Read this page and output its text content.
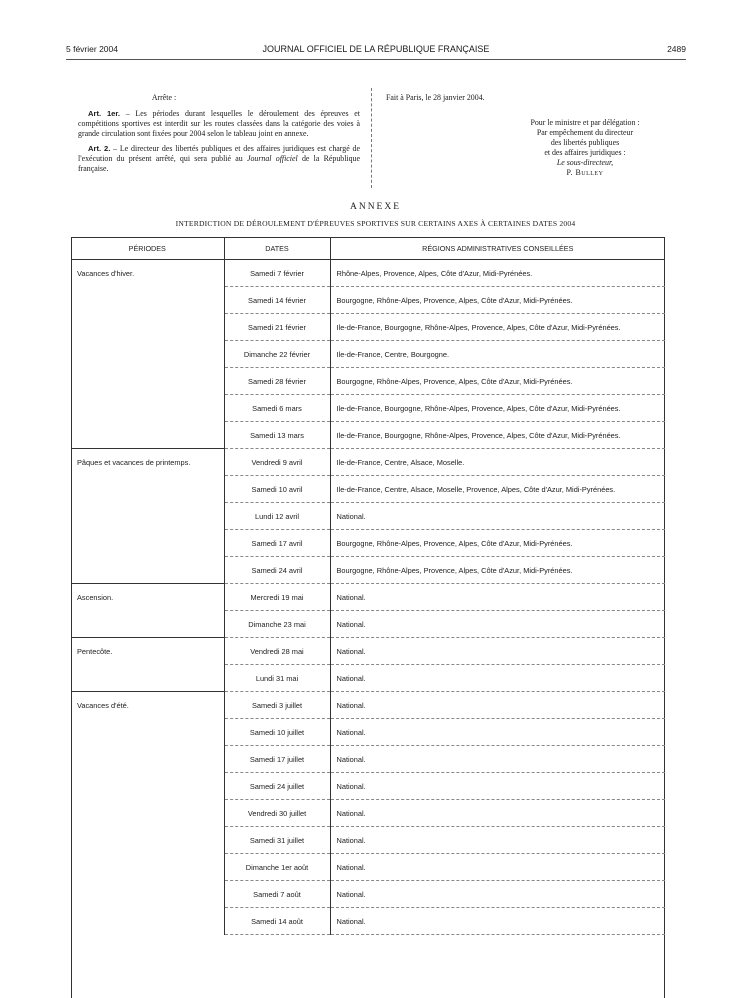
5 février 2004	JOURNAL OFFICIEL DE LA RÉPUBLIQUE FRANÇAISE	2489
Arrête :

Art. 1er. – Les périodes durant lesquelles le déroulement des épreuves et compétitions sportives est interdit sur les routes classées dans la catégorie des voies à grande circulation sont fixées pour 2004 selon le tableau joint en annexe.

Art. 2. – Le directeur des libertés publiques et des affaires juridiques est chargé de l'exécution du présent arrêté, qui sera publié au Journal officiel de la République française.

Fait à Paris, le 28 janvier 2004.
Pour le ministre et par délégation :
Par empêchement du directeur
des libertés publiques
et des affaires juridiques :
Le sous-directeur,
P. Bulley
ANNEXE
INTERDICTION DE DÉROULEMENT D'ÉPREUVES SPORTIVES SUR CERTAINS AXES À CERTAINES DATES 2004
PÉRIODES	DATES	RÉGIONS ADMINISTRATIVES CONSEILLÉES
Vacances d'hiver.	Samedi 7 février	Rhône-Alpes, Provence, Alpes, Côte d'Azur, Midi-Pyrénées.
	Samedi 14 février	Bourgogne, Rhône-Alpes, Provence, Alpes, Côte d'Azur, Midi-Pyrénées.
	Samedi 21 février	Ile-de-France, Bourgogne, Rhône-Alpes, Provence, Alpes, Côte d'Azur, Midi-Pyrénées.
	Dimanche 22 février	Ile-de-France, Centre, Bourgogne.
	Samedi 28 février	Bourgogne, Rhône-Alpes, Provence, Alpes, Côte d'Azur, Midi-Pyrénées.
	Samedi 6 mars	Ile-de-France, Bourgogne, Rhône-Alpes, Provence, Alpes, Côte d'Azur, Midi-Pyrénées.
	Samedi 13 mars	Ile-de-France, Bourgogne, Rhône-Alpes, Provence, Alpes, Côte d'Azur, Midi-Pyrénées.
Pâques et vacances de printemps.	Vendredi 9 avril	Ile-de-France, Centre, Alsace, Moselle.
	Samedi 10 avril	Ile-de-France, Centre, Alsace, Moselle, Provence, Alpes, Côte d'Azur, Midi-Pyrénées.
	Lundi 12 avril	National.
	Samedi 17 avril	Bourgogne, Rhône-Alpes, Provence, Alpes, Côte d'Azur, Midi-Pyrénées.
	Samedi 24 avril	Bourgogne, Rhône-Alpes, Provence, Alpes, Côte d'Azur, Midi-Pyrénées.
Ascension.	Mercredi 19 mai	National.
	Dimanche 23 mai	National.
Pentecôte.	Vendredi 28 mai	National.
	Lundi 31 mai	National.
Vacances d'été.	Samedi 3 juillet	National.
	Samedi 10 juillet	National.
	Samedi 17 juillet	National.
	Samedi 24 juillet	National.
	Vendredi 30 juillet	National.
	Samedi 31 juillet	National.
	Dimanche 1er août	National.
	Samedi 7 août	National.
	Samedi 14 août	National.
